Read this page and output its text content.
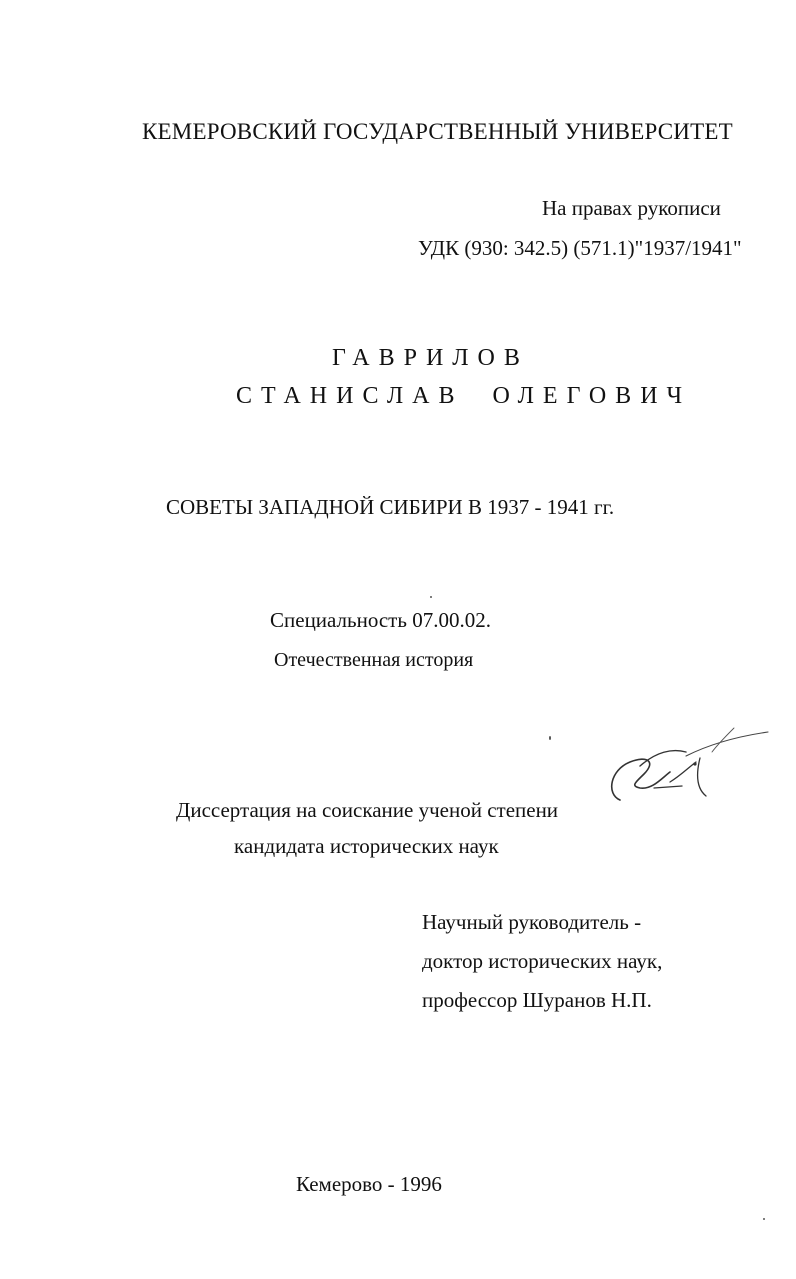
КЕМЕРОВСКИЙ ГОСУДАРСТВЕННЫЙ УНИВЕРСИТЕТ
На правах рукописи
УДК (930: 342.5) (571.1)"1937/1941"
ГАВРИЛОВ
СТАНИСЛАВ ОЛЕГОВИЧ
СОВЕТЫ ЗАПАДНОЙ СИБИРИ В 1937 - 1941 гг.
Специальность 07.00.02.
Отечественная история
Диссертация на соискание ученой степени
кандидата исторических наук
Научный руководитель -
доктор исторических наук,
профессор Шуранов Н.П.
Кемерово - 1996
